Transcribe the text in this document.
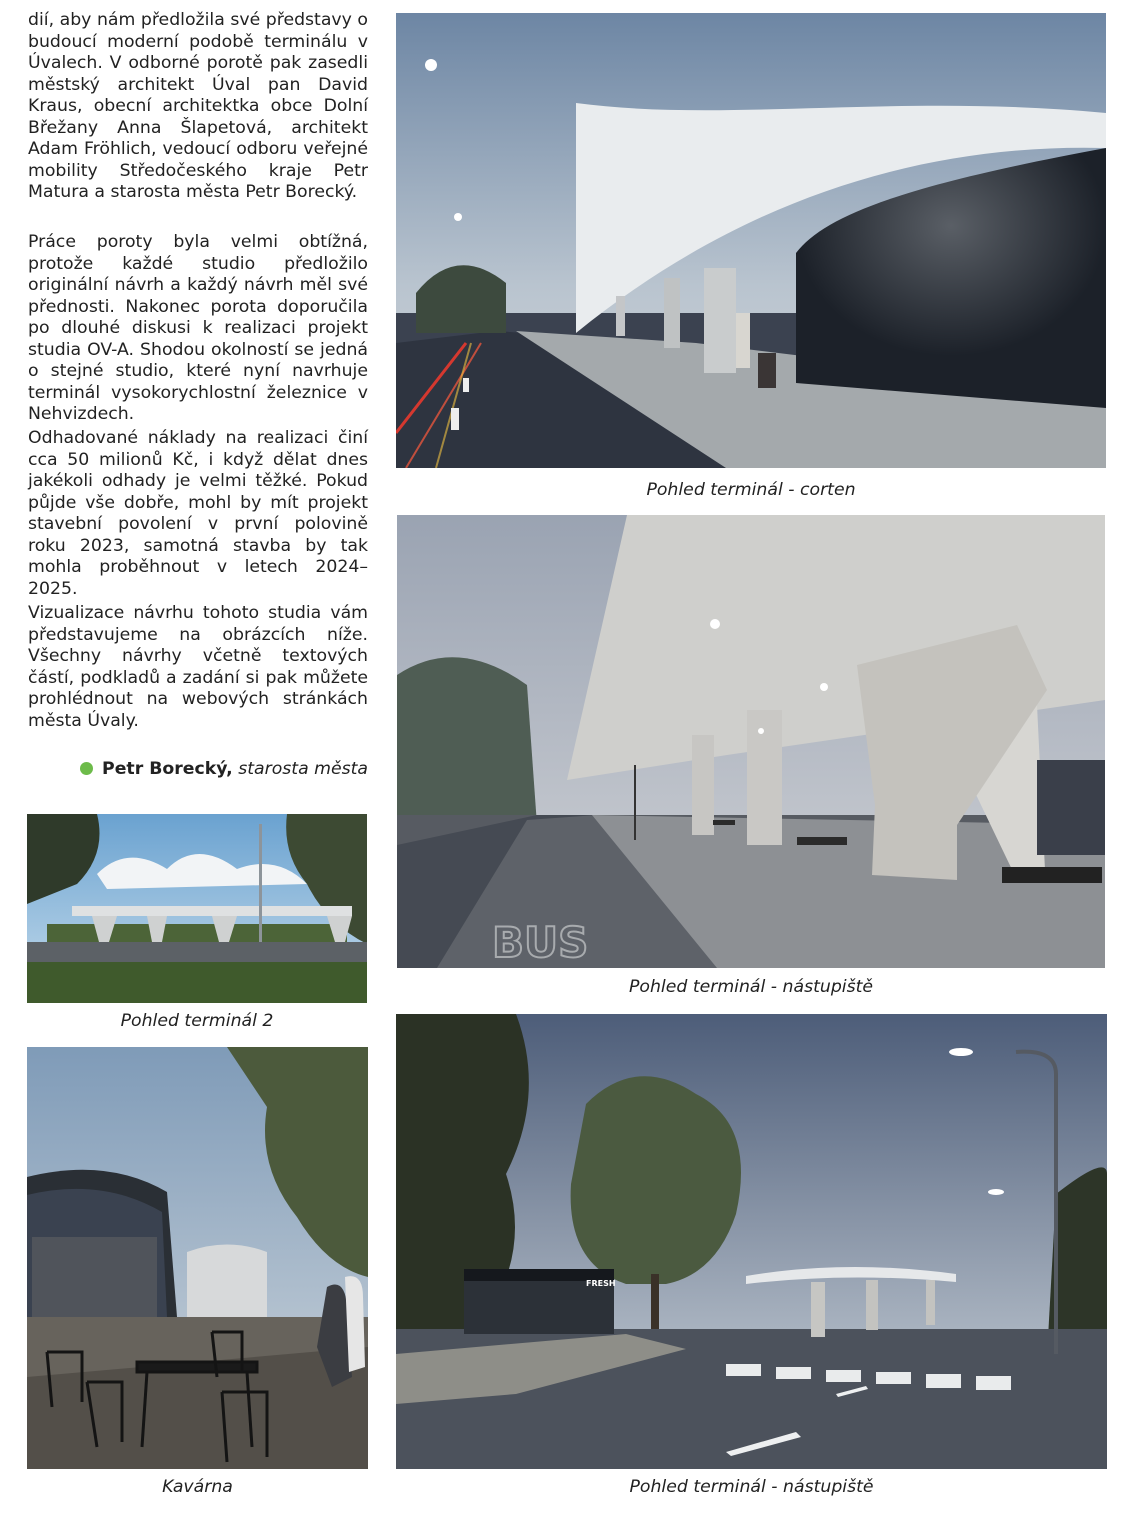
dií, aby nám předložila své představy o budoucí moderní podobě terminálu v Úvalech. V odborné porotě pak zasedli městský architekt Úval pan David Kraus, obecní architektka obce Dolní Břežany Anna Šlapetová, architekt Adam Fröhlich, vedoucí odboru veřejné mobility Středočeského kraje Petr Matura a starosta města Petr Borecký.

Práce poroty byla velmi obtížná, protože každé studio předložilo originální návrh a každý návrh měl své přednosti. Nakonec porota doporučila po dlouhé diskusi k realizaci projekt studia OV-A. Shodou okolností se jedná o stejné studio, které nyní navrhuje terminál vysokorychlostní železnice v Nehvizdech.

Odhadované náklady na realizaci činí cca 50 milionů Kč, i když dělat dnes jakékoli odhady je velmi těžké. Pokud půjde vše dobře, mohl by mít projekt stavební povolení v první polovině roku 2023, samotná stavba by tak mohla proběhnout v letech 2024–2025.

Vizualizace návrhu tohoto studia vám představujeme na obrázcích níže. Všechny návrhy včetně textových částí, podkladů a zadání si pak můžete prohlédnout na webových stránkách města Úvaly.

Petr Borecký, starosta města
Pohled terminál - corten
BUS
Pohled terminál - nástupiště
FRESH
Pohled terminál - nástupiště
Pohled terminál 2
Kavárna
